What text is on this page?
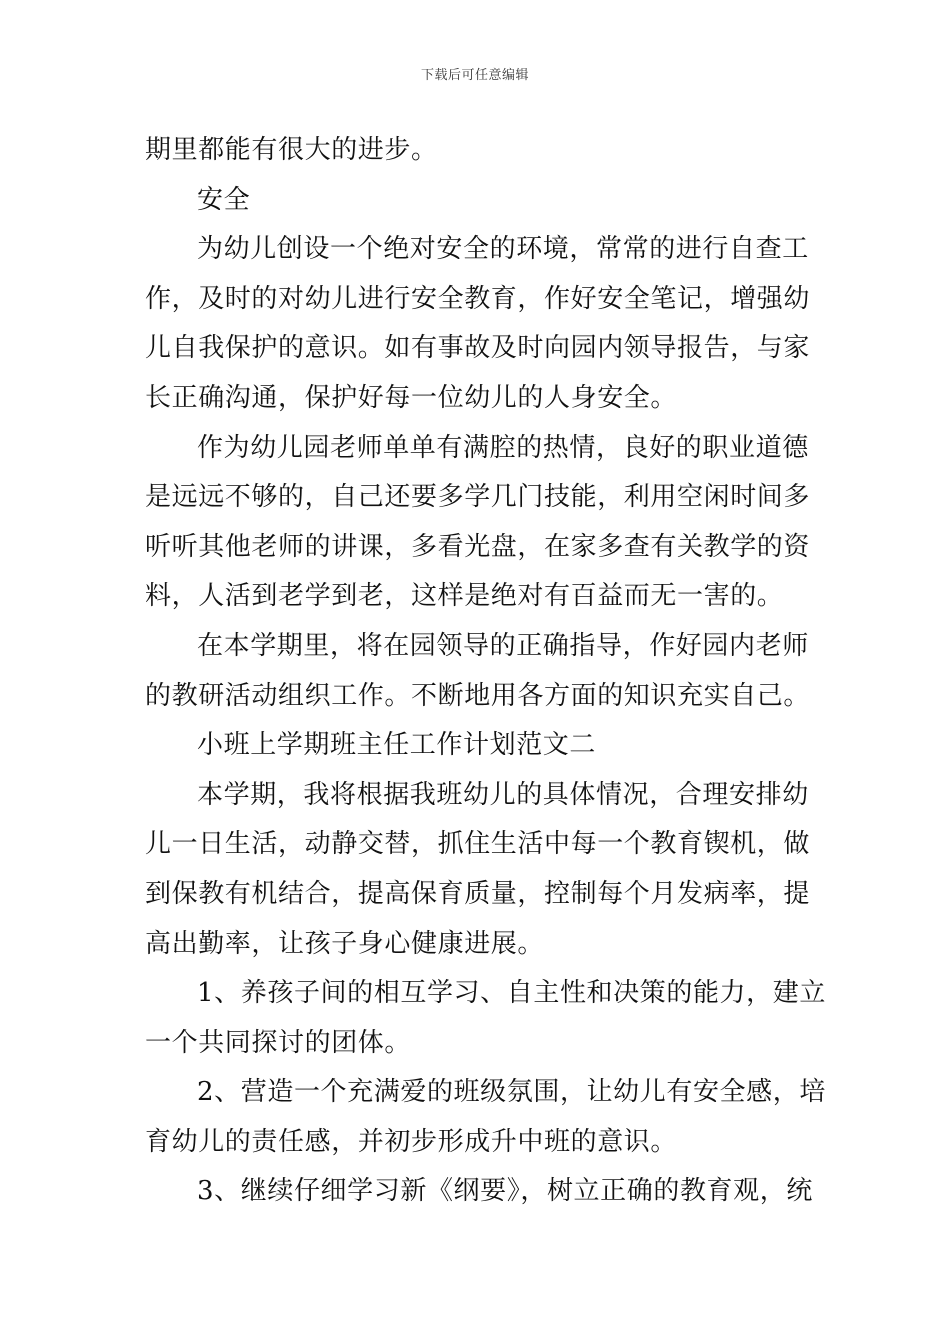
下载后可任意编辑
期里都能有很大的进步。
安全
为幼儿创设一个绝对安全的环境，常常的进行自查工
作，及时的对幼儿进行安全教育，作好安全笔记，增强幼
儿自我保护的意识。如有事故及时向园内领导报告，与家
长正确沟通，保护好每一位幼儿的人身安全。
作为幼儿园老师单单有满腔的热情，良好的职业道德
是远远不够的，自己还要多学几门技能，利用空闲时间多
听听其他老师的讲课，多看光盘，在家多查有关教学的资
料，人活到老学到老，这样是绝对有百益而无一害的。
在本学期里，将在园领导的正确指导，作好园内老师
的教研活动组织工作。不断地用各方面的知识充实自己。
小班上学期班主任工作计划范文二
本学期，我将根据我班幼儿的具体情况，合理安排幼
儿一日生活，动静交替，抓住生活中每一个教育锲机，做
到保教有机结合，提高保育质量，控制每个月发病率，提
高出勤率，让孩子身心健康进展。
1、养孩子间的相互学习、自主性和决策的能力，建立
一个共同探讨的团体。
2、营造一个充满爱的班级氛围，让幼儿有安全感，培
育幼儿的责任感，并初步形成升中班的意识。
3、继续仔细学习新《纲要》，树立正确的教育观，统
